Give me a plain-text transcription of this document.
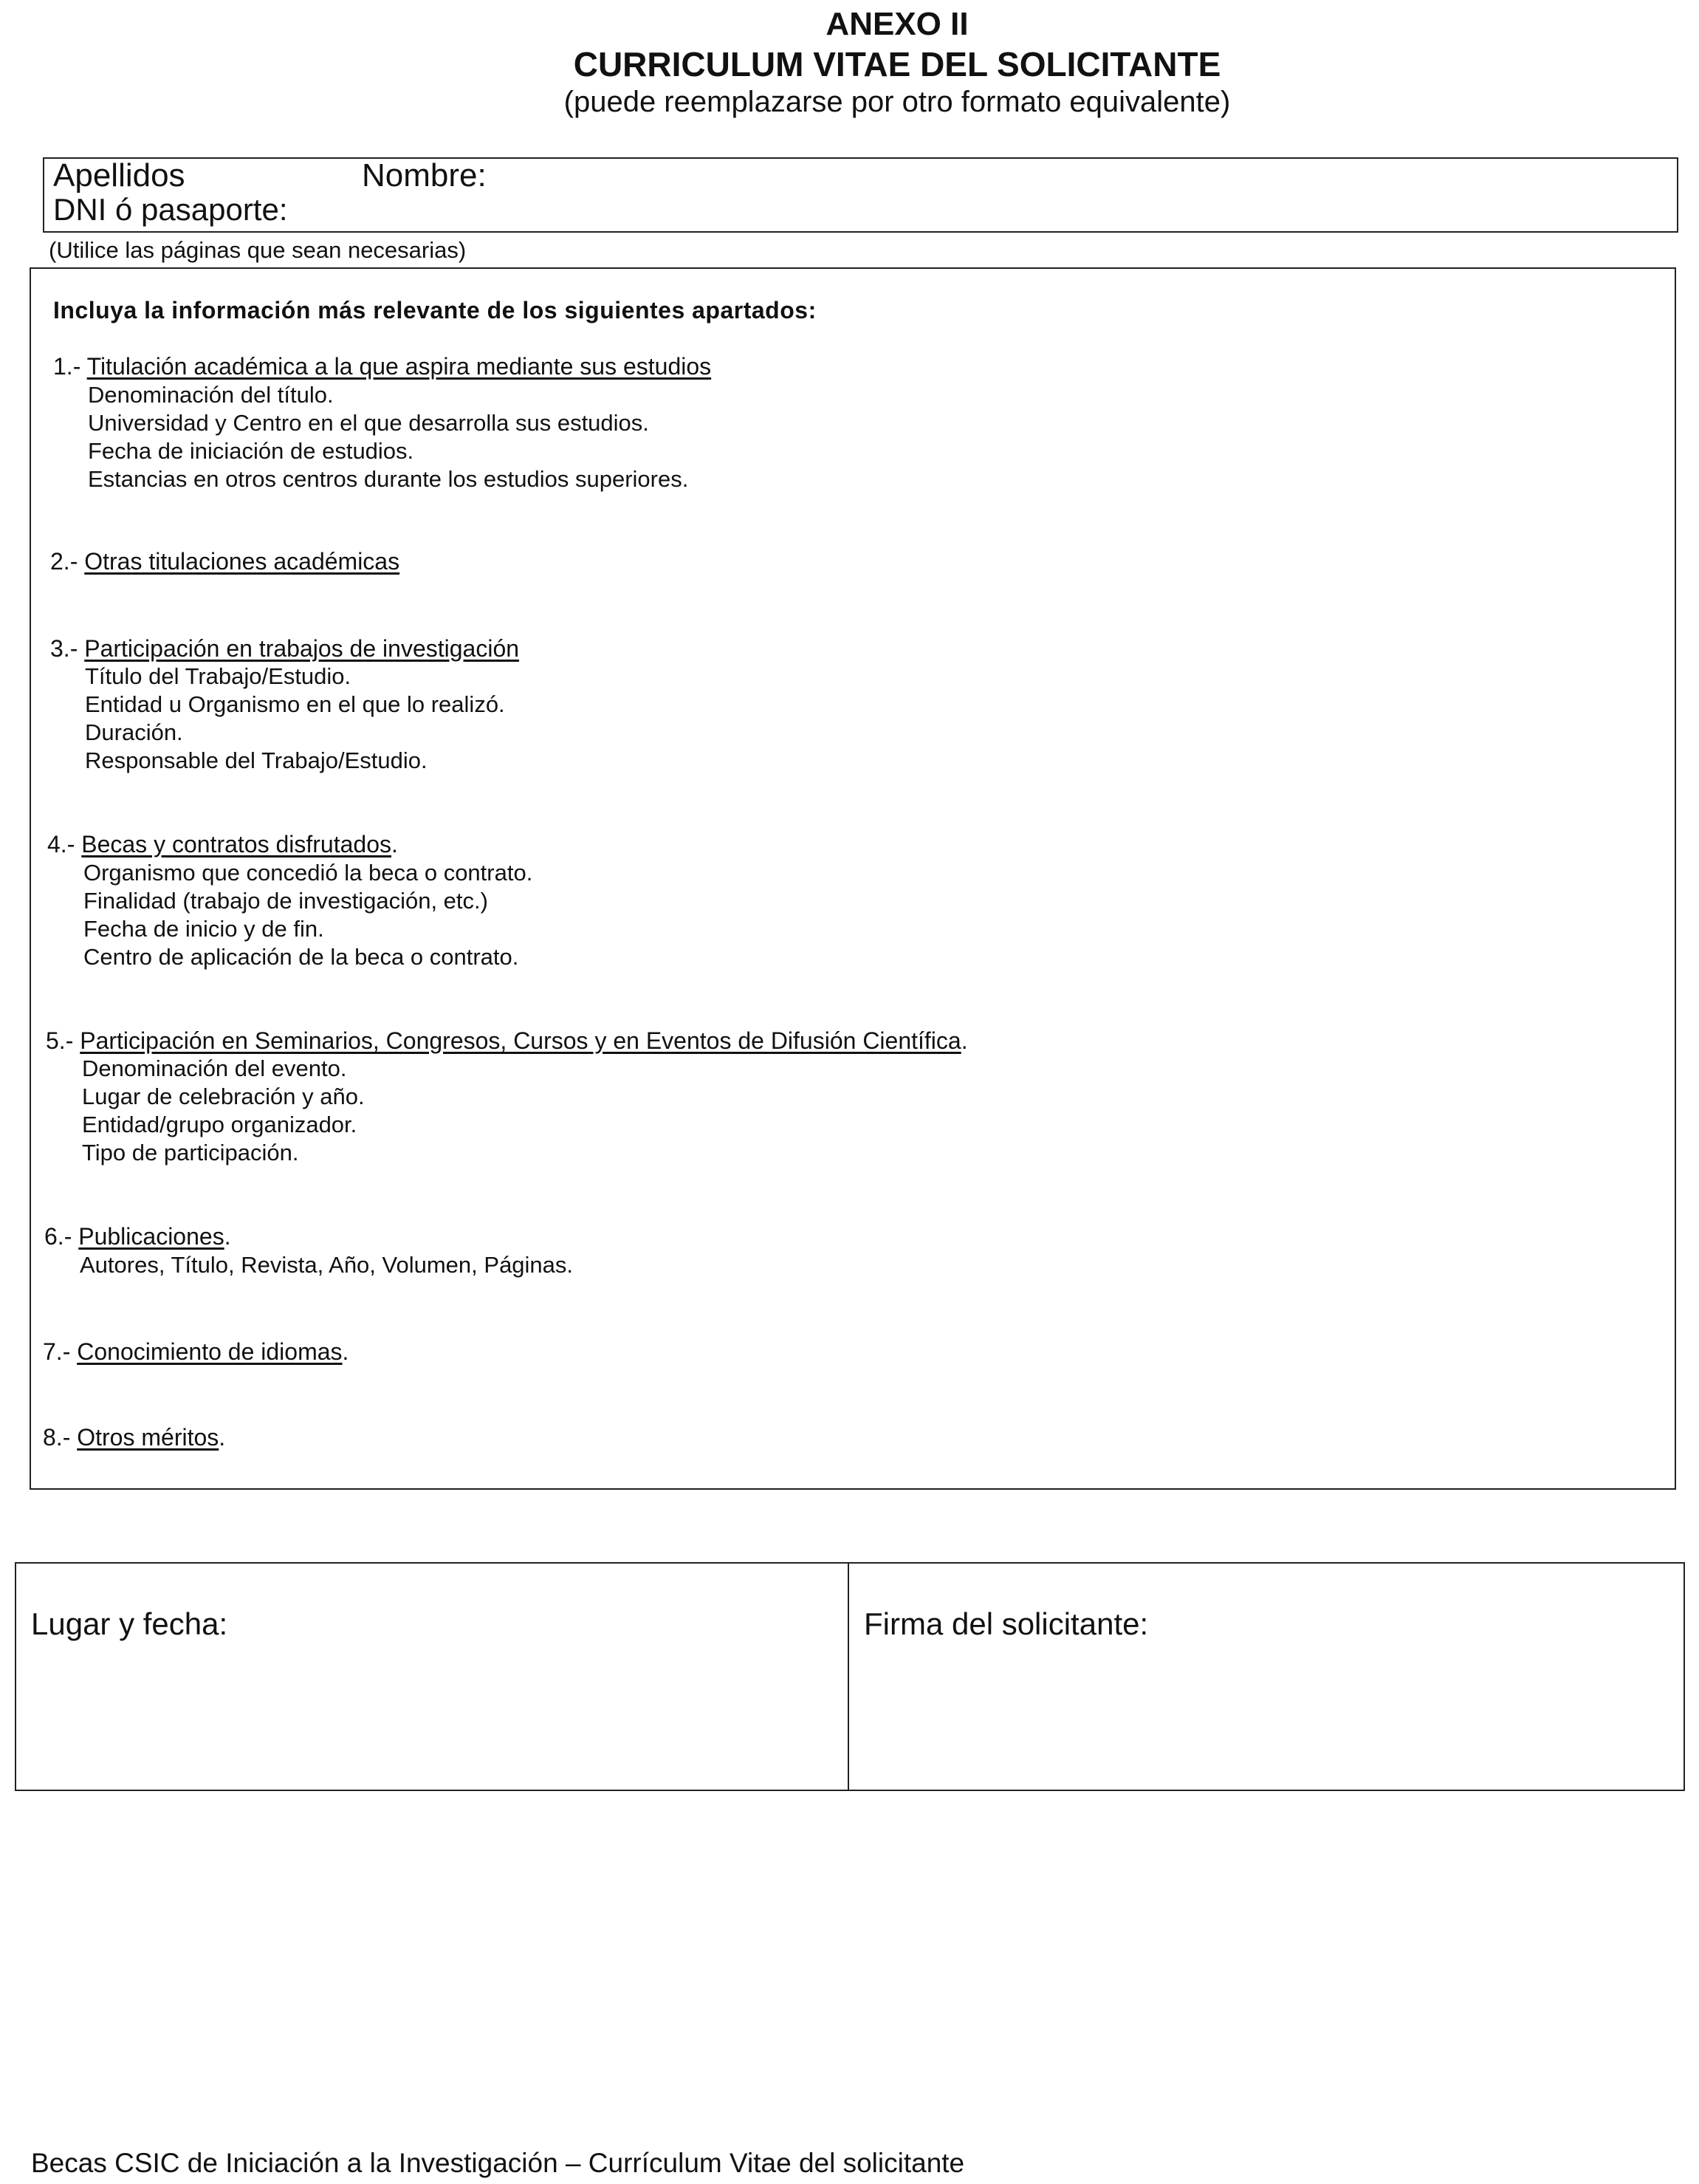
ANEXO II
CURRICULUM VITAE DEL SOLICITANTE
(puede reemplazarse por otro formato equivalente)
Apellidos	Nombre:
DNI ó pasaporte:
(Utilice las páginas que sean necesarias)
Incluya la información más relevante de los siguientes apartados:
1.- Titulación académica a la que aspira mediante sus estudios
Denominación del título.
Universidad y Centro en el que desarrolla sus estudios.
Fecha de iniciación de estudios.
Estancias en otros centros durante los estudios superiores.
2.- Otras titulaciones académicas
3.- Participación en trabajos de investigación
Título del Trabajo/Estudio.
Entidad u Organismo en el que lo realizó.
Duración.
Responsable del Trabajo/Estudio.
4.- Becas y contratos disfrutados.
Organismo que concedió la beca o contrato.
Finalidad (trabajo de investigación, etc.)
Fecha de inicio y de fin.
Centro de aplicación de la beca o contrato.
5.- Participación en Seminarios, Congresos, Cursos y en Eventos de Difusión Científica.
Denominación del evento.
Lugar de celebración y año.
Entidad/grupo organizador.
Tipo de participación.
6.- Publicaciones.
Autores, Título, Revista, Año, Volumen, Páginas.
7.- Conocimiento de idiomas.
8.- Otros méritos.
Lugar y fecha:	Firma del solicitante:
Becas CSIC de Iniciación a la Investigación – Currículum Vitae del solicitante
